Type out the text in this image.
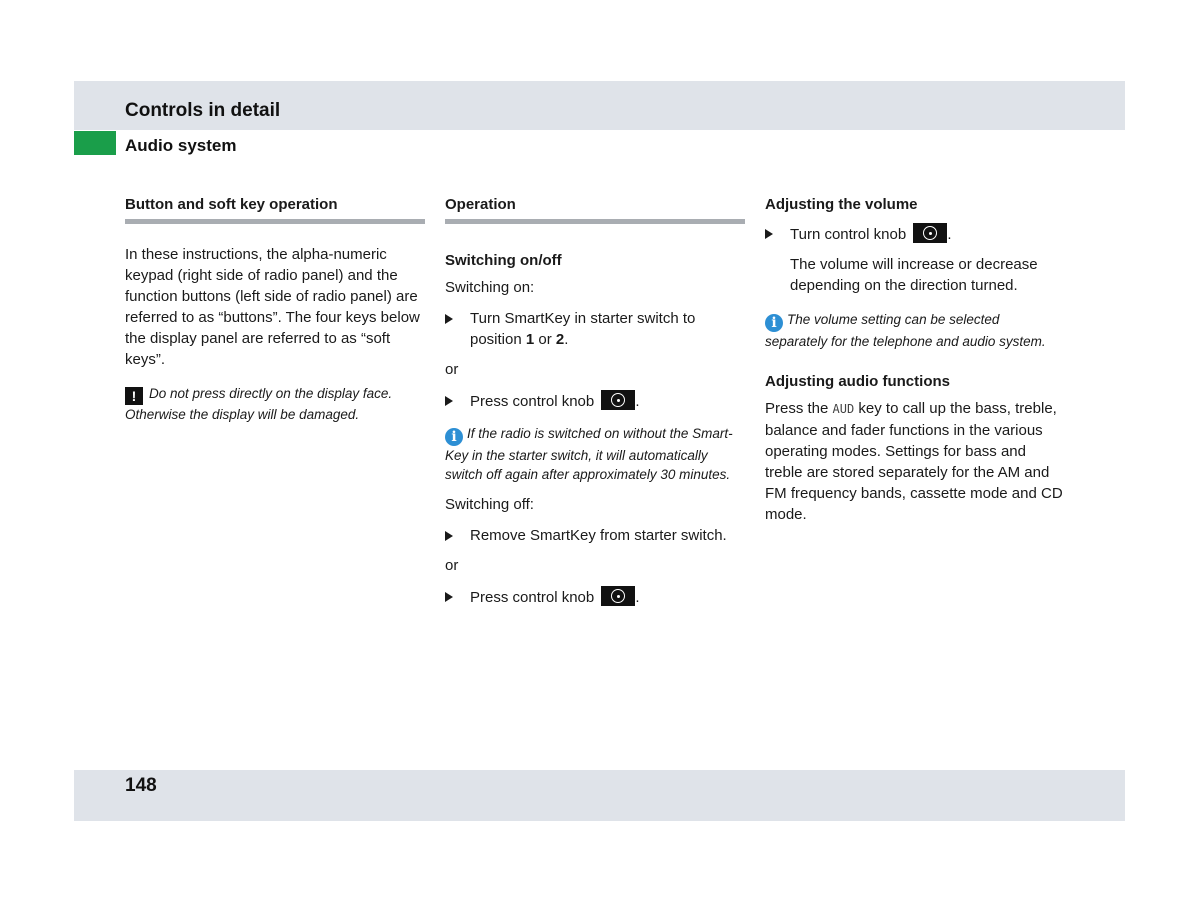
Controls in detail
Audio system
Button and soft key operation

In these instructions, the alpha-numeric keypad (right side of radio panel) and the function buttons (left side of radio panel) are referred to as “buttons”. The four keys below the display panel are referred to as “soft keys”.

! Do not press directly on the display face. Otherwise the display will be damaged.
Operation
Switching on/off

Switching on:

Turn SmartKey in starter switch to position 1 or 2.

or

Press control knob	.
i If the radio is switched on without the Smart-Key in the starter switch, it will automatically switch off again after approximately 30 minutes.

Switching off:

Remove SmartKey from starter switch.

or

Press control knob	.
Adjusting the volume
Turn control knob	.

The volume will increase or decrease depending on the direction turned.

i The volume setting can be selected separately for the telephone and audio system.
Adjusting audio functions

Press the AUD key to call up the bass, treble, balance and fader functions in the various operating modes. Settings for bass and treble are stored separately for the AM and FM frequency bands, cassette mode and CD mode.

148
